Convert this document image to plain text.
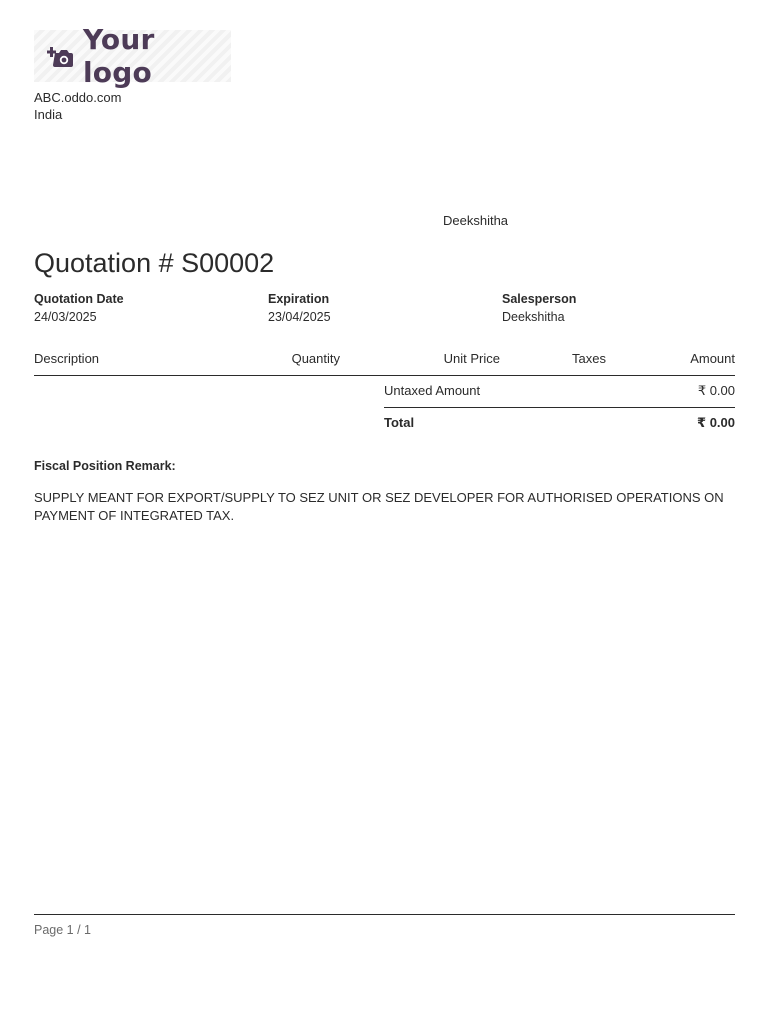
Your logo
ABC.oddo.com
India
Deekshitha
Quotation # S00002
Quotation Date
24/03/2025
Expiration
23/04/2025
Salesperson
Deekshitha
Description	Quantity	Unit Price	Taxes	Amount
Untaxed Amount	₹ 0.00
Total	₹ 0.00
Fiscal Position Remark:
SUPPLY MEANT FOR EXPORT/SUPPLY TO SEZ UNIT OR SEZ DEVELOPER FOR AUTHORISED OPERATIONS ON PAYMENT OF INTEGRATED TAX.
Page 1 / 1
